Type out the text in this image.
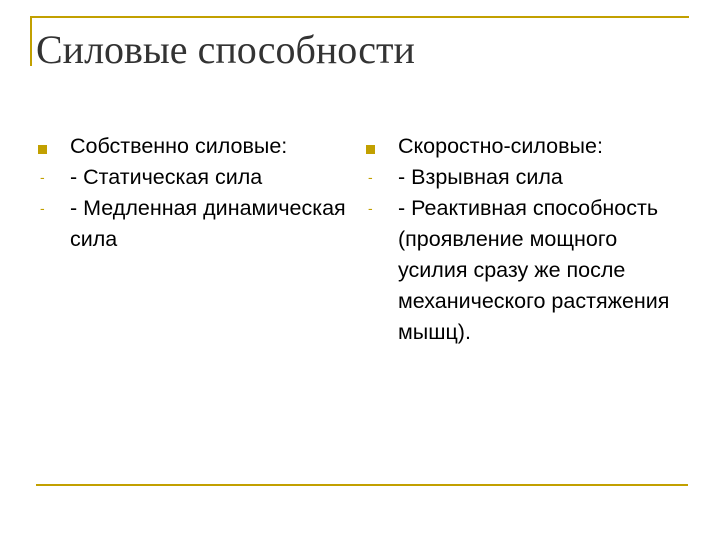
Силовые способности
Собственно силовые:
-	- Статическая сила
-	- Медленная динамическая сила
Скоростно-силовые:
-	- Взрывная сила
-	- Реактивная способность (проявление мощного усилия сразу же после механического растяжения мышц).
